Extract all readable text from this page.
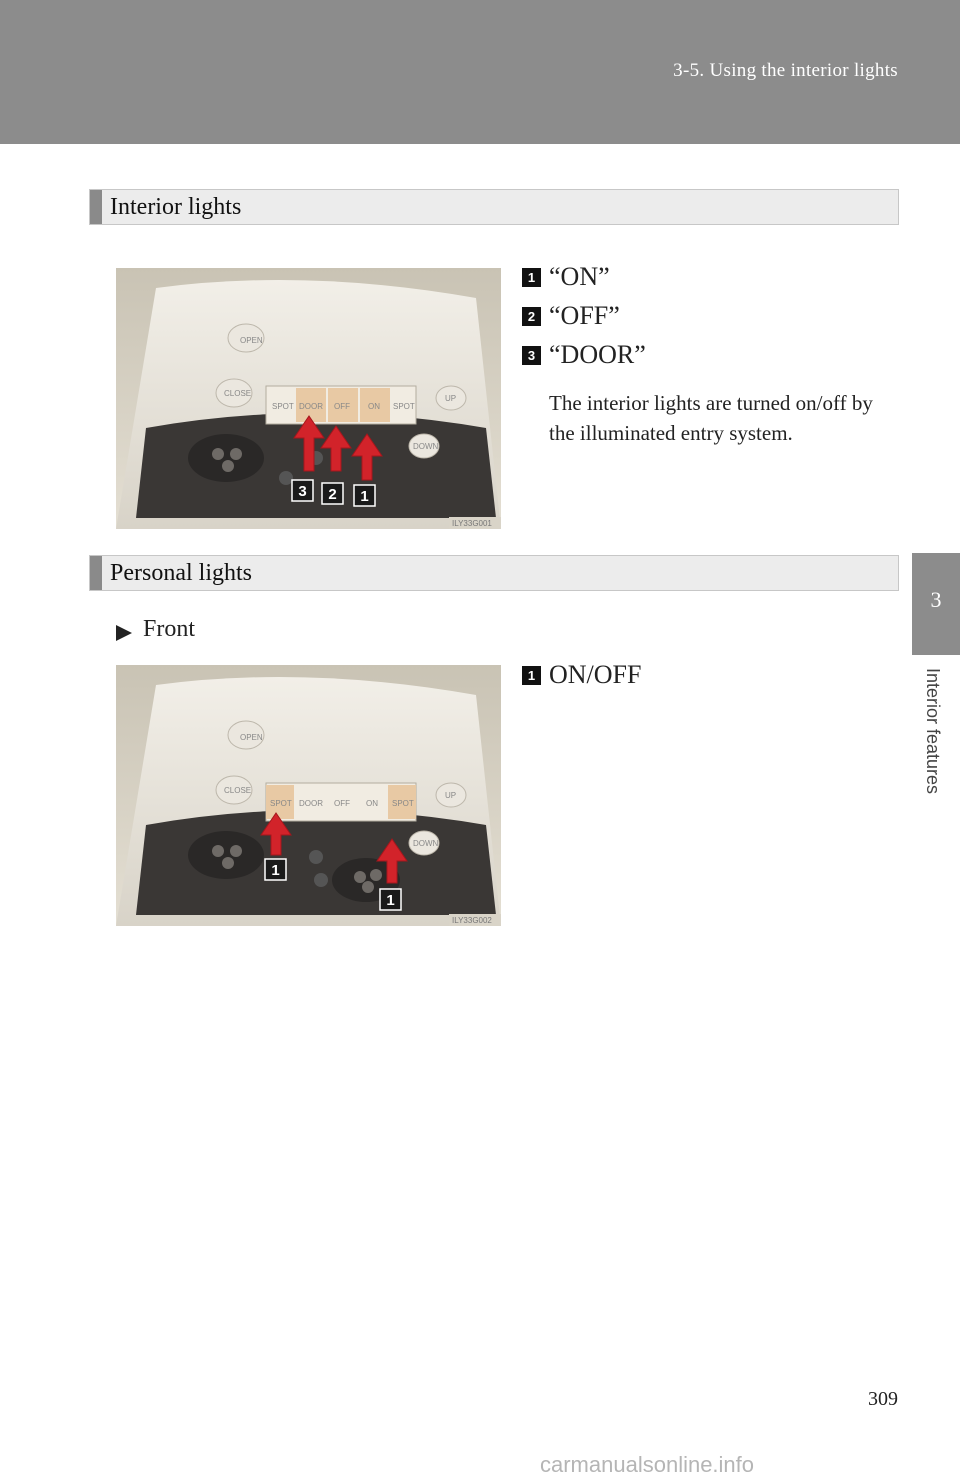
3-5. Using the interior lights
3
Interior features
Interior lights
OPEN
CLOSE
SPOT DOOR OFF ON SPOT
UP
DOWN
3 2 1
ILY33G001
1 “ON”
2 “OFF”
3 “DOOR”
The interior lights are turned on/off by the illuminated entry system.
Personal lights
Front
OPEN
CLOSE
SPOT DOOR OFF ON SPOT
UP
DOWN
1
1
ILY33G002
1 ON/OFF
309
carmanualsonline.info
